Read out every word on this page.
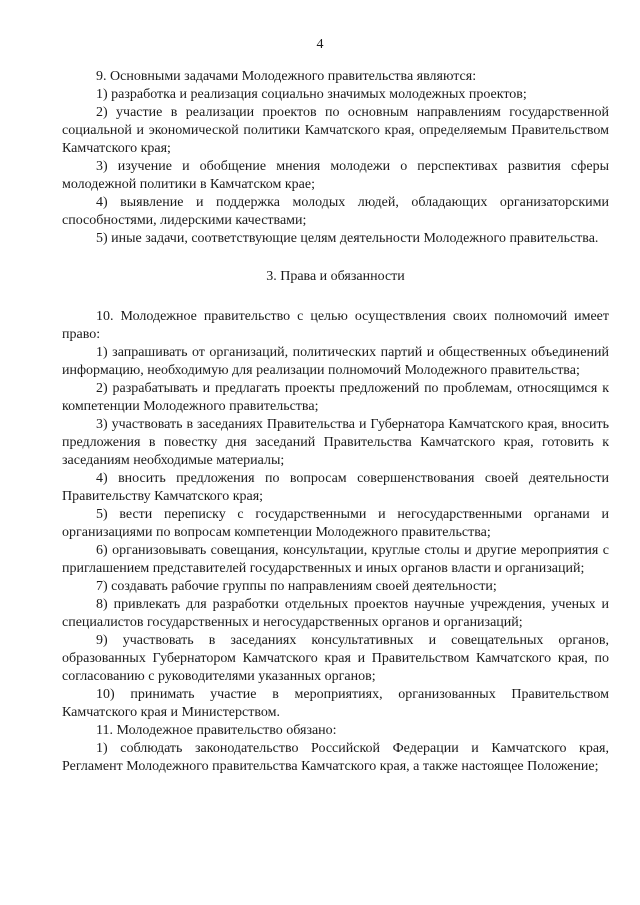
4

9. Основными задачами Молодежного правительства являются:

1) разработка и реализация социально значимых молодежных проектов;

2) участие в реализации проектов по основным направлениям государственной социальной и экономической политики Камчатского края, определяемым Правительством Камчатского края;

3) изучение и обобщение мнения молодежи о перспективах развития сферы молодежной политики в Камчатском крае;

4) выявление и поддержка молодых людей, обладающих организаторскими способностями, лидерскими качествами;

5) иные задачи, соответствующие целям деятельности Молодежного правительства.

3. Права и обязанности

10. Молодежное правительство с целью осуществления своих полномочий имеет право:

1) запрашивать от организаций, политических партий и общественных объединений информацию, необходимую для реализации полномочий Молодежного правительства;

2) разрабатывать и предлагать проекты предложений по проблемам, относящимся к компетенции Молодежного правительства;

3) участвовать в заседаниях Правительства и Губернатора Камчатского края, вносить предложения в повестку дня заседаний Правительства Камчатского края, готовить к заседаниям необходимые материалы;

4) вносить предложения по вопросам совершенствования своей деятельности Правительству Камчатского края;

5) вести переписку с государственными и негосударственными органами и организациями по вопросам компетенции Молодежного правительства;

6) организовывать совещания, консультации, круглые столы и другие мероприятия с приглашением представителей государственных и иных органов власти и организаций;

7) создавать рабочие группы по направлениям своей деятельности;

8) привлекать для разработки отдельных проектов научные учреждения, ученых и специалистов государственных и негосударственных органов и организаций;

9) участвовать в заседаниях консультативных и совещательных органов, образованных Губернатором Камчатского края и Правительством Камчатского края, по согласованию с руководителями указанных органов;

10) принимать участие в мероприятиях, организованных Правительством Камчатского края и Министерством.

11. Молодежное правительство обязано:

1) соблюдать законодательство Российской Федерации и Камчатского края, Регламент Молодежного правительства Камчатского края, а также настоящее Положение;
